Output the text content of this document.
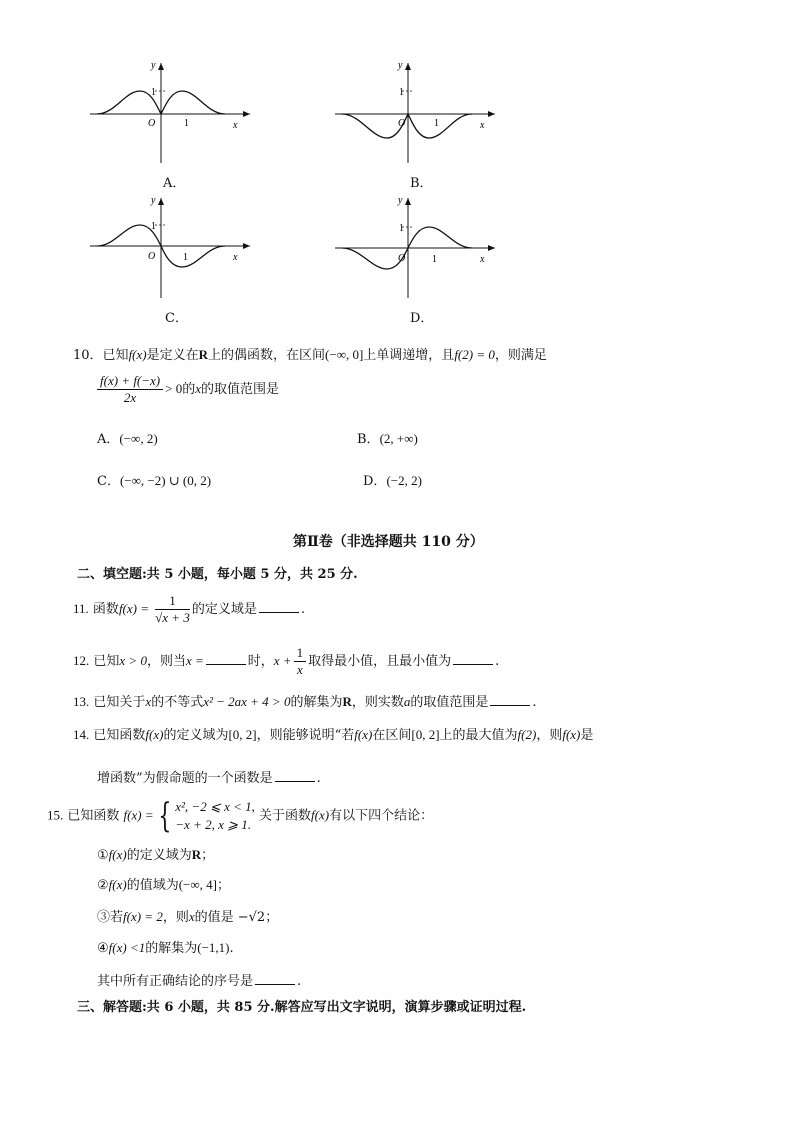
y
x
O
1
1
A．
y
x
O
1
1
B．
y
x
O
1
1
C．
y
x
O
1
1
D．
10．已知f(x)是定义在R上的偶函数，在区间(−∞, 0]上单调递增，且f(2) = 0，则满足
$\frac{f(x) + f(-x)}{2x} > 0$的x的取值范围是
A．(−∞, 2)	B．(2, +∞)
C．(−∞, −2) ∪ (0, 2)	D．(−2, 2)
第Ⅱ卷（非选择题共 110 分）
二、填空题:共 5 小题，每小题 5 分，共 25 分.
11. 函数$f(x) = \frac{1}{√x + 3}$ 的定义域是	.
12. 已知x > 0，则当x =	时，$x + \frac{1}{x}$ 取得最小值，且最小值为	.
13. 已知关于x的不等式x² − 2ax + 4 > 0的解集为R，则实数a的取值范围是	.
14. 已知函数f(x)的定义域为[0, 2]，则能够说明“若f(x)在区间[0, 2]上的最大值为f(2)，则f(x)是
增函数”为假命题的一个函数是	.
15. 已知函数 f(x) = { x², −2 ⩽ x < 1,
−x + 2, x ⩾ 1.
关于函数f(x)有以下四个结论：
①f(x)的定义域为R；
②f(x)的值域为(−∞, 4]；
③若f(x) = 2，则x的值是 −√2；
④f(x) <1的解集为(−1,1).
其中所有正确结论的序号是	.
三、解答题:共 6 小题，共 85 分.解答应写出文字说明，演算步骤或证明过程.
